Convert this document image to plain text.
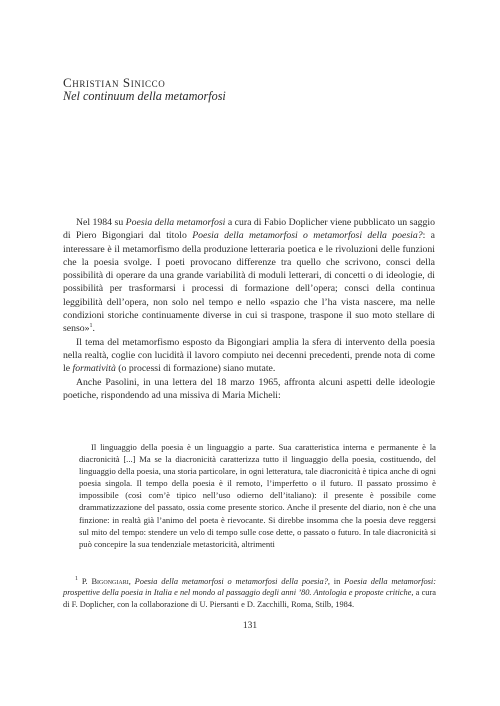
Christian Sinicco
Nel continuum della metamorfosi

Nel 1984 su Poesia della metamorfosi a cura di Fabio Doplicher viene pubblicato un saggio di Piero Bigongiari dal titolo Poesia della metamorfosi o metamorfosi della poesia?: a interessare è il metamorfismo della produzione letteraria poetica e le rivoluzioni delle funzioni che la poesia svolge. I poeti provocano differenze tra quello che scrivono, consci della possibilità di operare da una grande variabilità di moduli letterari, di concetti o di ideologie, di possibilità per trasformarsi i processi di formazione dell’opera; consci della continua leggibilità dell’opera, non solo nel tempo e nello «spazio che l’ha vista nascere, ma nelle condizioni storiche continuamente diverse in cui si traspone, traspone il suo moto stellare di senso»$^1$.

Il tema del metamorfismo esposto da Bigongiari amplia la sfera di intervento della poesia nella realtà, coglie con lucidità il lavoro compiuto nei decenni precedenti, prende nota di come le formatività (o processi di formazione) siano mutate.

Anche Pasolini, in una lettera del 18 marzo 1965, affronta alcuni aspetti delle ideologie poetiche, rispondendo ad una missiva di Maria Micheli:

Il linguaggio della poesia è un linguaggio a parte. Sua caratteristica interna e permanente è la diacronicità [...] Ma se la diacronicità caratterizza tutto il linguaggio della poesia, costituendo, del linguaggio della poesia, una storia particolare, in ogni letteratura, tale diacronicità è tipica anche di ogni poesia singola. Il tempo della poesia è il remoto, l’imperfetto o il futuro. Il passato prossimo è impossibile (così com’è tipico nell’uso odierno dell’italiano): il presente è possibile come drammatizzazione del passato, ossia come presente storico. Anche il presente del diario, non è che una finzione: in realtà già l’animo del poeta è rievocante. Si direbbe insomma che la poesia deve reggersi sul mito del tempo: stendere un velo di tempo sulle cose dette, o passato o futuro. In tale diacronicità si può concepire la sua tendenziale metastoricità, altrimenti

$^1$ P. Bigongiari, Poesia della metamorfosi o metamorfosi della poesia?, in Poesia della metamorfosi: prospettive della poesia in Italia e nel mondo al passaggio degli anni ’80. Antologia e proposte critiche, a cura di F. Doplicher, con la collaborazione di U. Piersanti e D. Zacchilli, Roma, Stilb, 1984.

131
